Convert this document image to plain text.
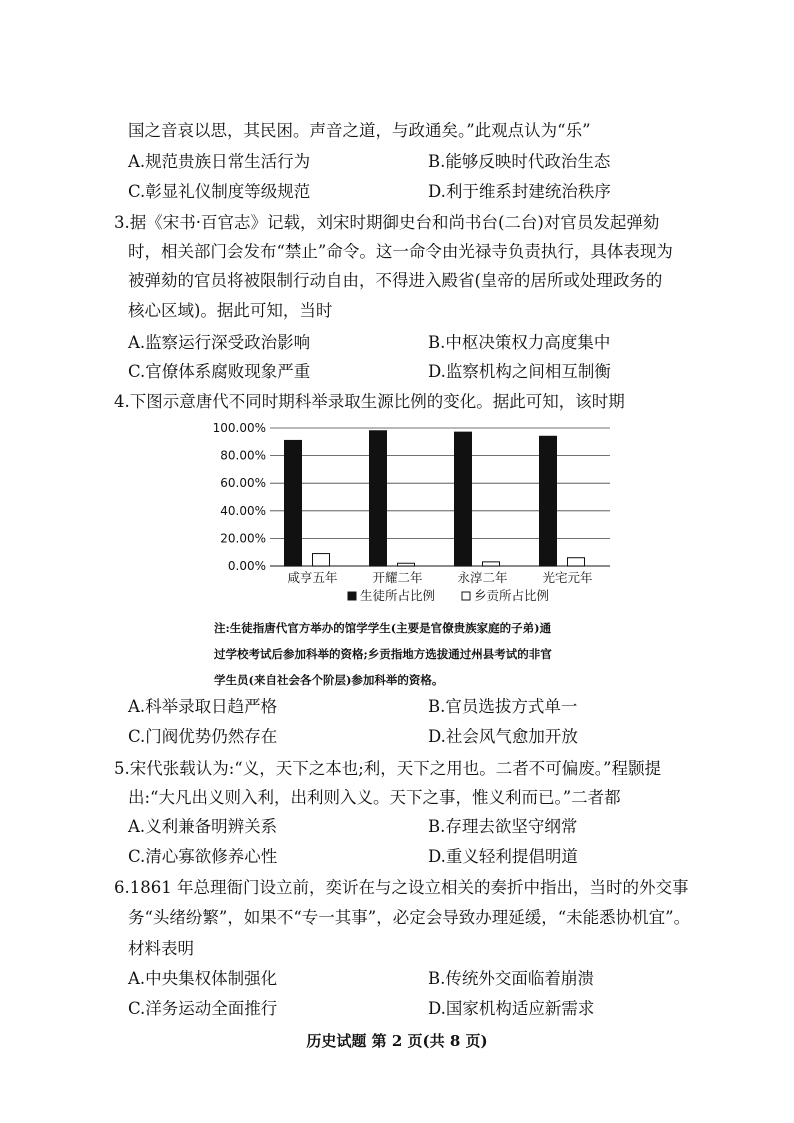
国之音哀以思，其民困。声音之道，与政通矣。”此观点认为“乐”
A.规范贵族日常生活行为	B.能够反映时代政治生态
C.彰显礼仪制度等级规范	D.利于维系封建统治秩序
3.据《宋书·百官志》记载，刘宋时期御史台和尚书台(二台)对官员发起弹劾
时，相关部门会发布“禁止”命令。这一命令由光禄寺负责执行，具体表现为
被弹劾的官员将被限制行动自由，不得进入殿省(皇帝的居所或处理政务的
核心区域)。据此可知，当时
A.监察运行深受政治影响	B.中枢决策权力高度集中
C.官僚体系腐败现象严重	D.监察机构之间相互制衡
4.下图示意唐代不同时期科举录取生源比例的变化。据此可知，该时期
0.00%
20.00%
40.00%
60.00%
80.00%
100.00%
咸亨五年	开耀二年	永淳二年	光宅元年
生徒所占比例	乡贡所占比例
注:生徒指唐代官方举办的馆学学生(主要是官僚贵族家庭的子弟)通
过学校考试后参加科举的资格;乡贡指地方选拔通过州县考试的非官
学生员(来自社会各个阶层)参加科举的资格。
A.科举录取日趋严格	B.官员选拔方式单一
C.门阀优势仍然存在	D.社会风气愈加开放
5.宋代张载认为:“义，天下之本也;利，天下之用也。二者不可偏废。”程颢提
出:“大凡出义则入利，出利则入义。天下之事，惟义利而已。”二者都
A.义利兼备明辨关系	B.存理去欲坚守纲常
C.清心寡欲修养心性	D.重义轻利提倡明道
6.1861 年总理衙门设立前，奕䜣在与之设立相关的奏折中指出，当时的外交事
务“头绪纷繁”，如果不“专一其事”，必定会导致办理延缓，“未能悉协机宜”。
材料表明
A.中央集权体制强化	B.传统外交面临着崩溃
C.洋务运动全面推行	D.国家机构适应新需求
历史试题 第 2 页(共 8 页)
